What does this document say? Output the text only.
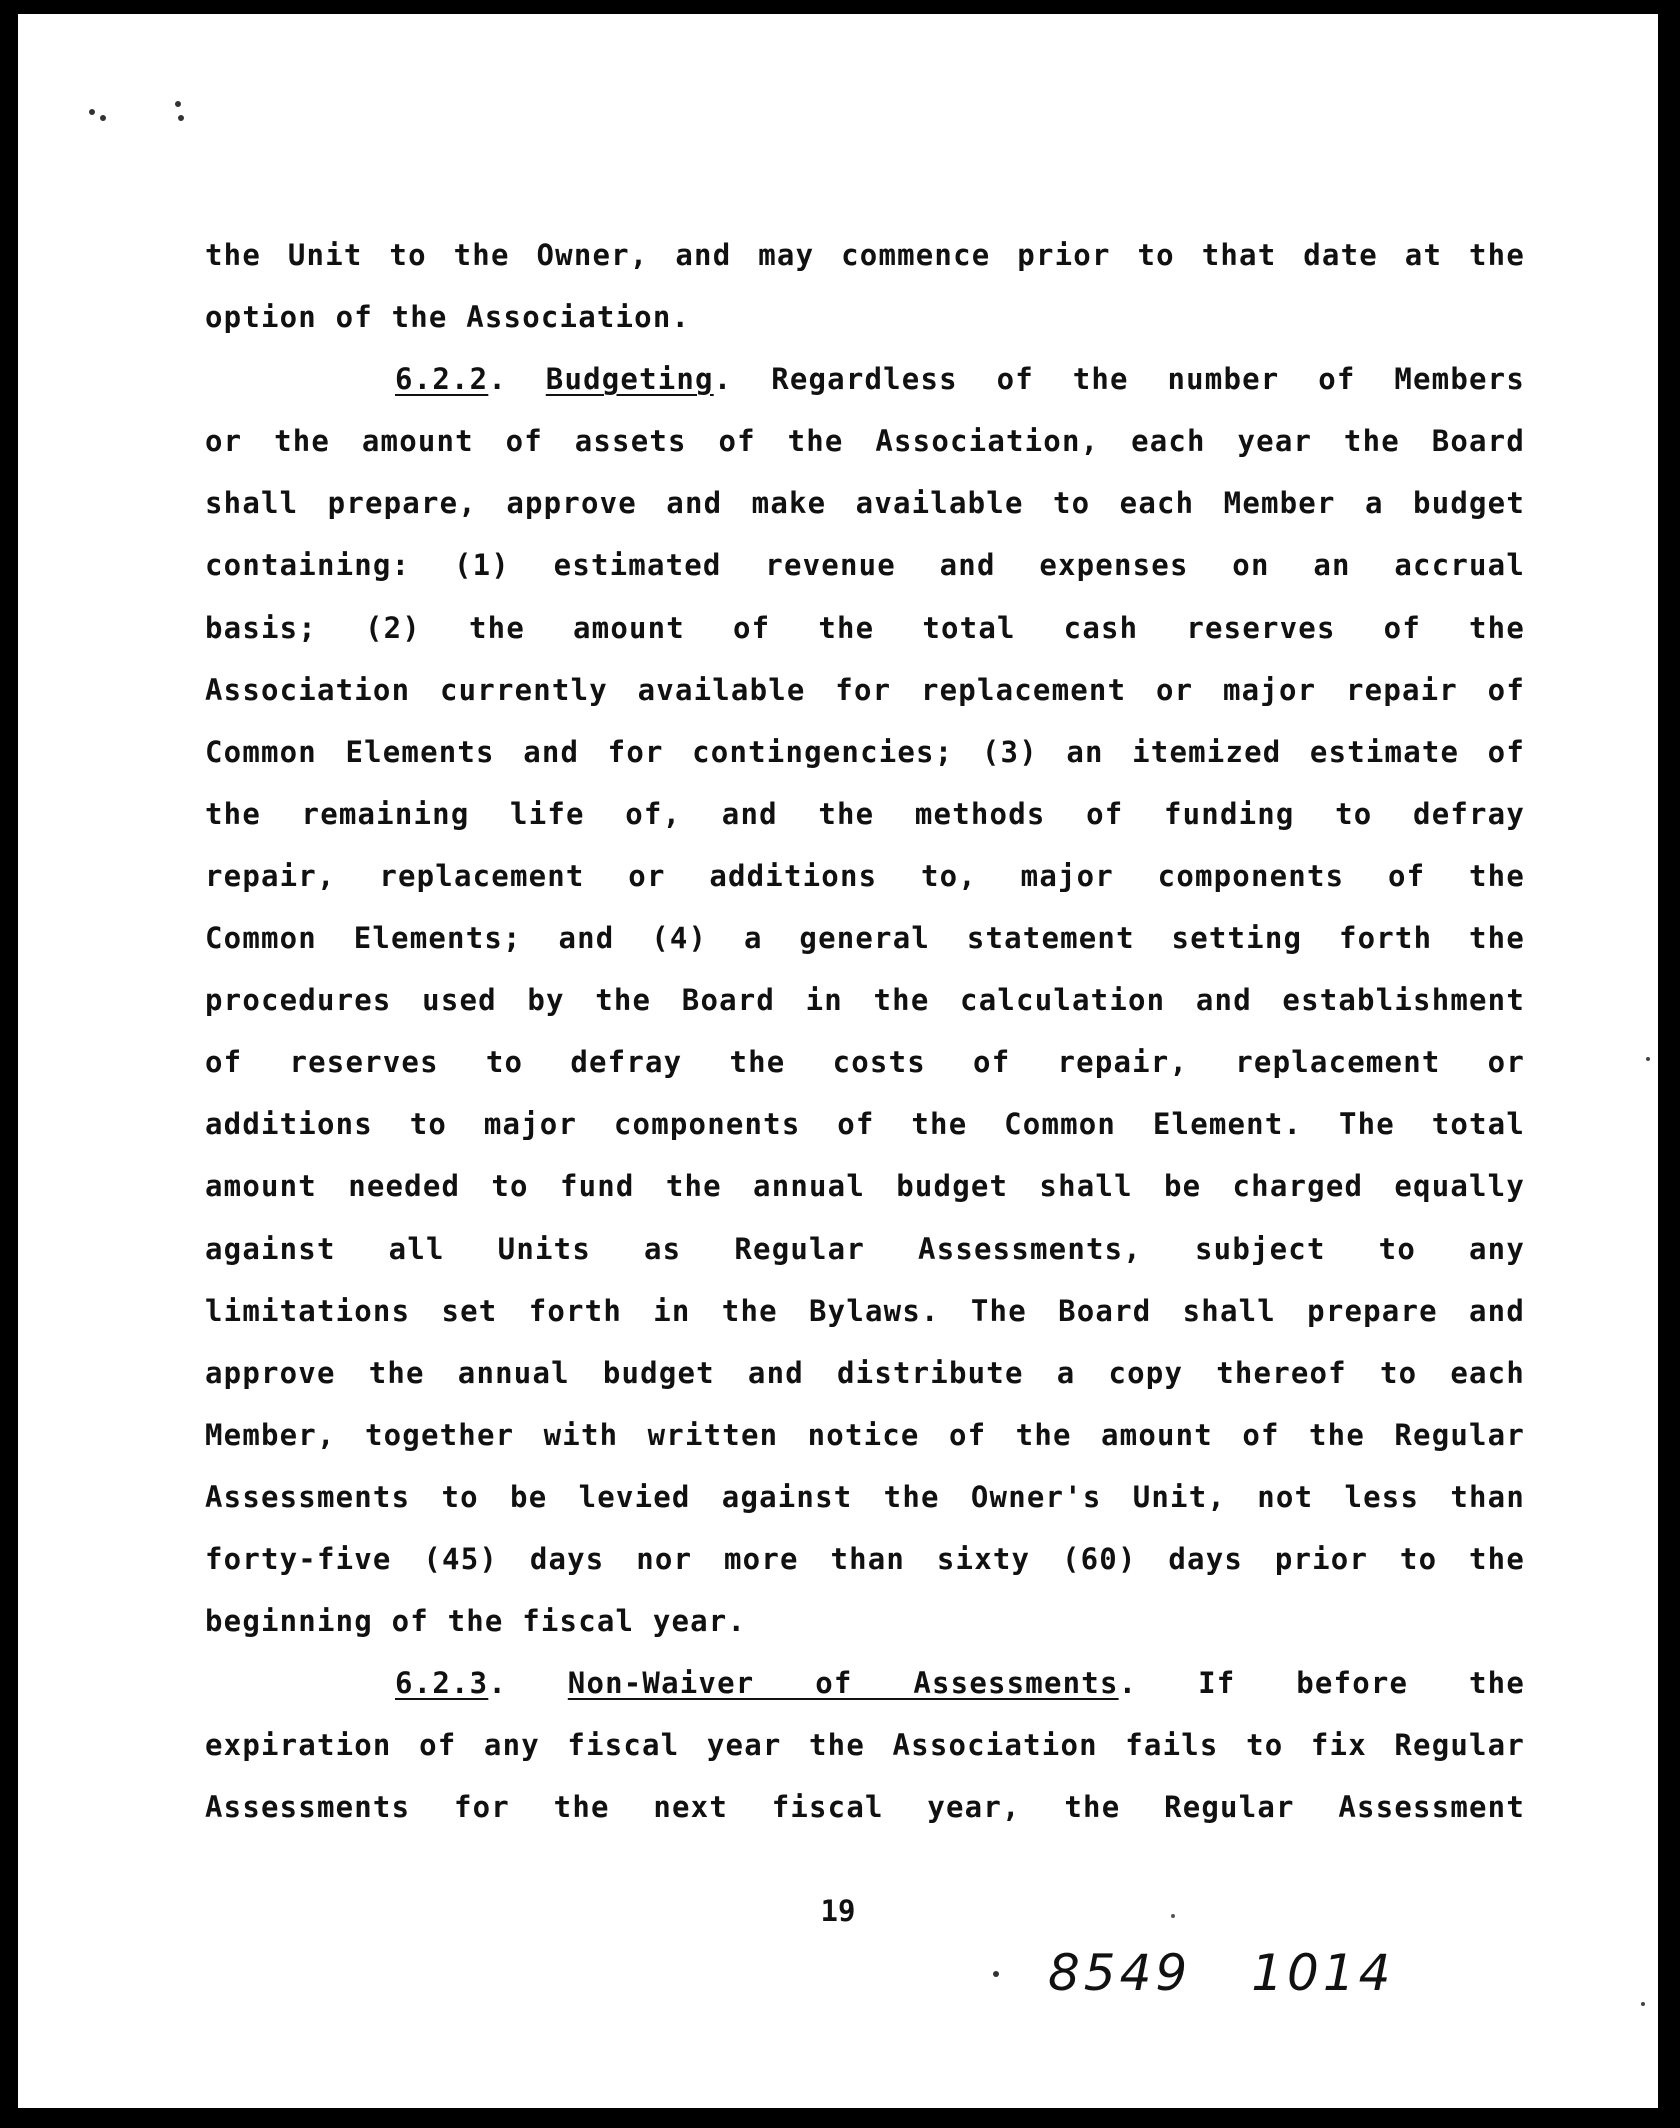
the Unit to the Owner, and may commence prior to that date at the
option of the Association.
6.2.2. Budgeting. Regardless of the number of Members
or the amount of assets of the Association, each year the Board
shall prepare, approve and make available to each Member a budget
containing: (1) estimated revenue and expenses on an accrual
basis; (2) the amount of the total cash reserves of the
Association currently available for replacement or major repair of
Common Elements and for contingencies; (3) an itemized estimate of
the remaining life of, and the methods of funding to defray
repair, replacement or additions to, major components of the
Common Elements; and (4) a general statement setting forth the
procedures used by the Board in the calculation and establishment
of reserves to defray the costs of repair, replacement or
additions to major components of the Common Element. The total
amount needed to fund the annual budget shall be charged equally
against all Units as Regular Assessments, subject to any
limitations set forth in the Bylaws. The Board shall prepare and
approve the annual budget and distribute a copy thereof to each
Member, together with written notice of the amount of the Regular
Assessments to be levied against the Owner's Unit, not less than
forty-five (45) days nor more than sixty (60) days prior to the
beginning of the fiscal year.
6.2.3. Non-Waiver of Assessments. If before the
expiration of any fiscal year the Association fails to fix Regular
Assessments for the next fiscal year, the Regular Assessment
19
8549 1014
